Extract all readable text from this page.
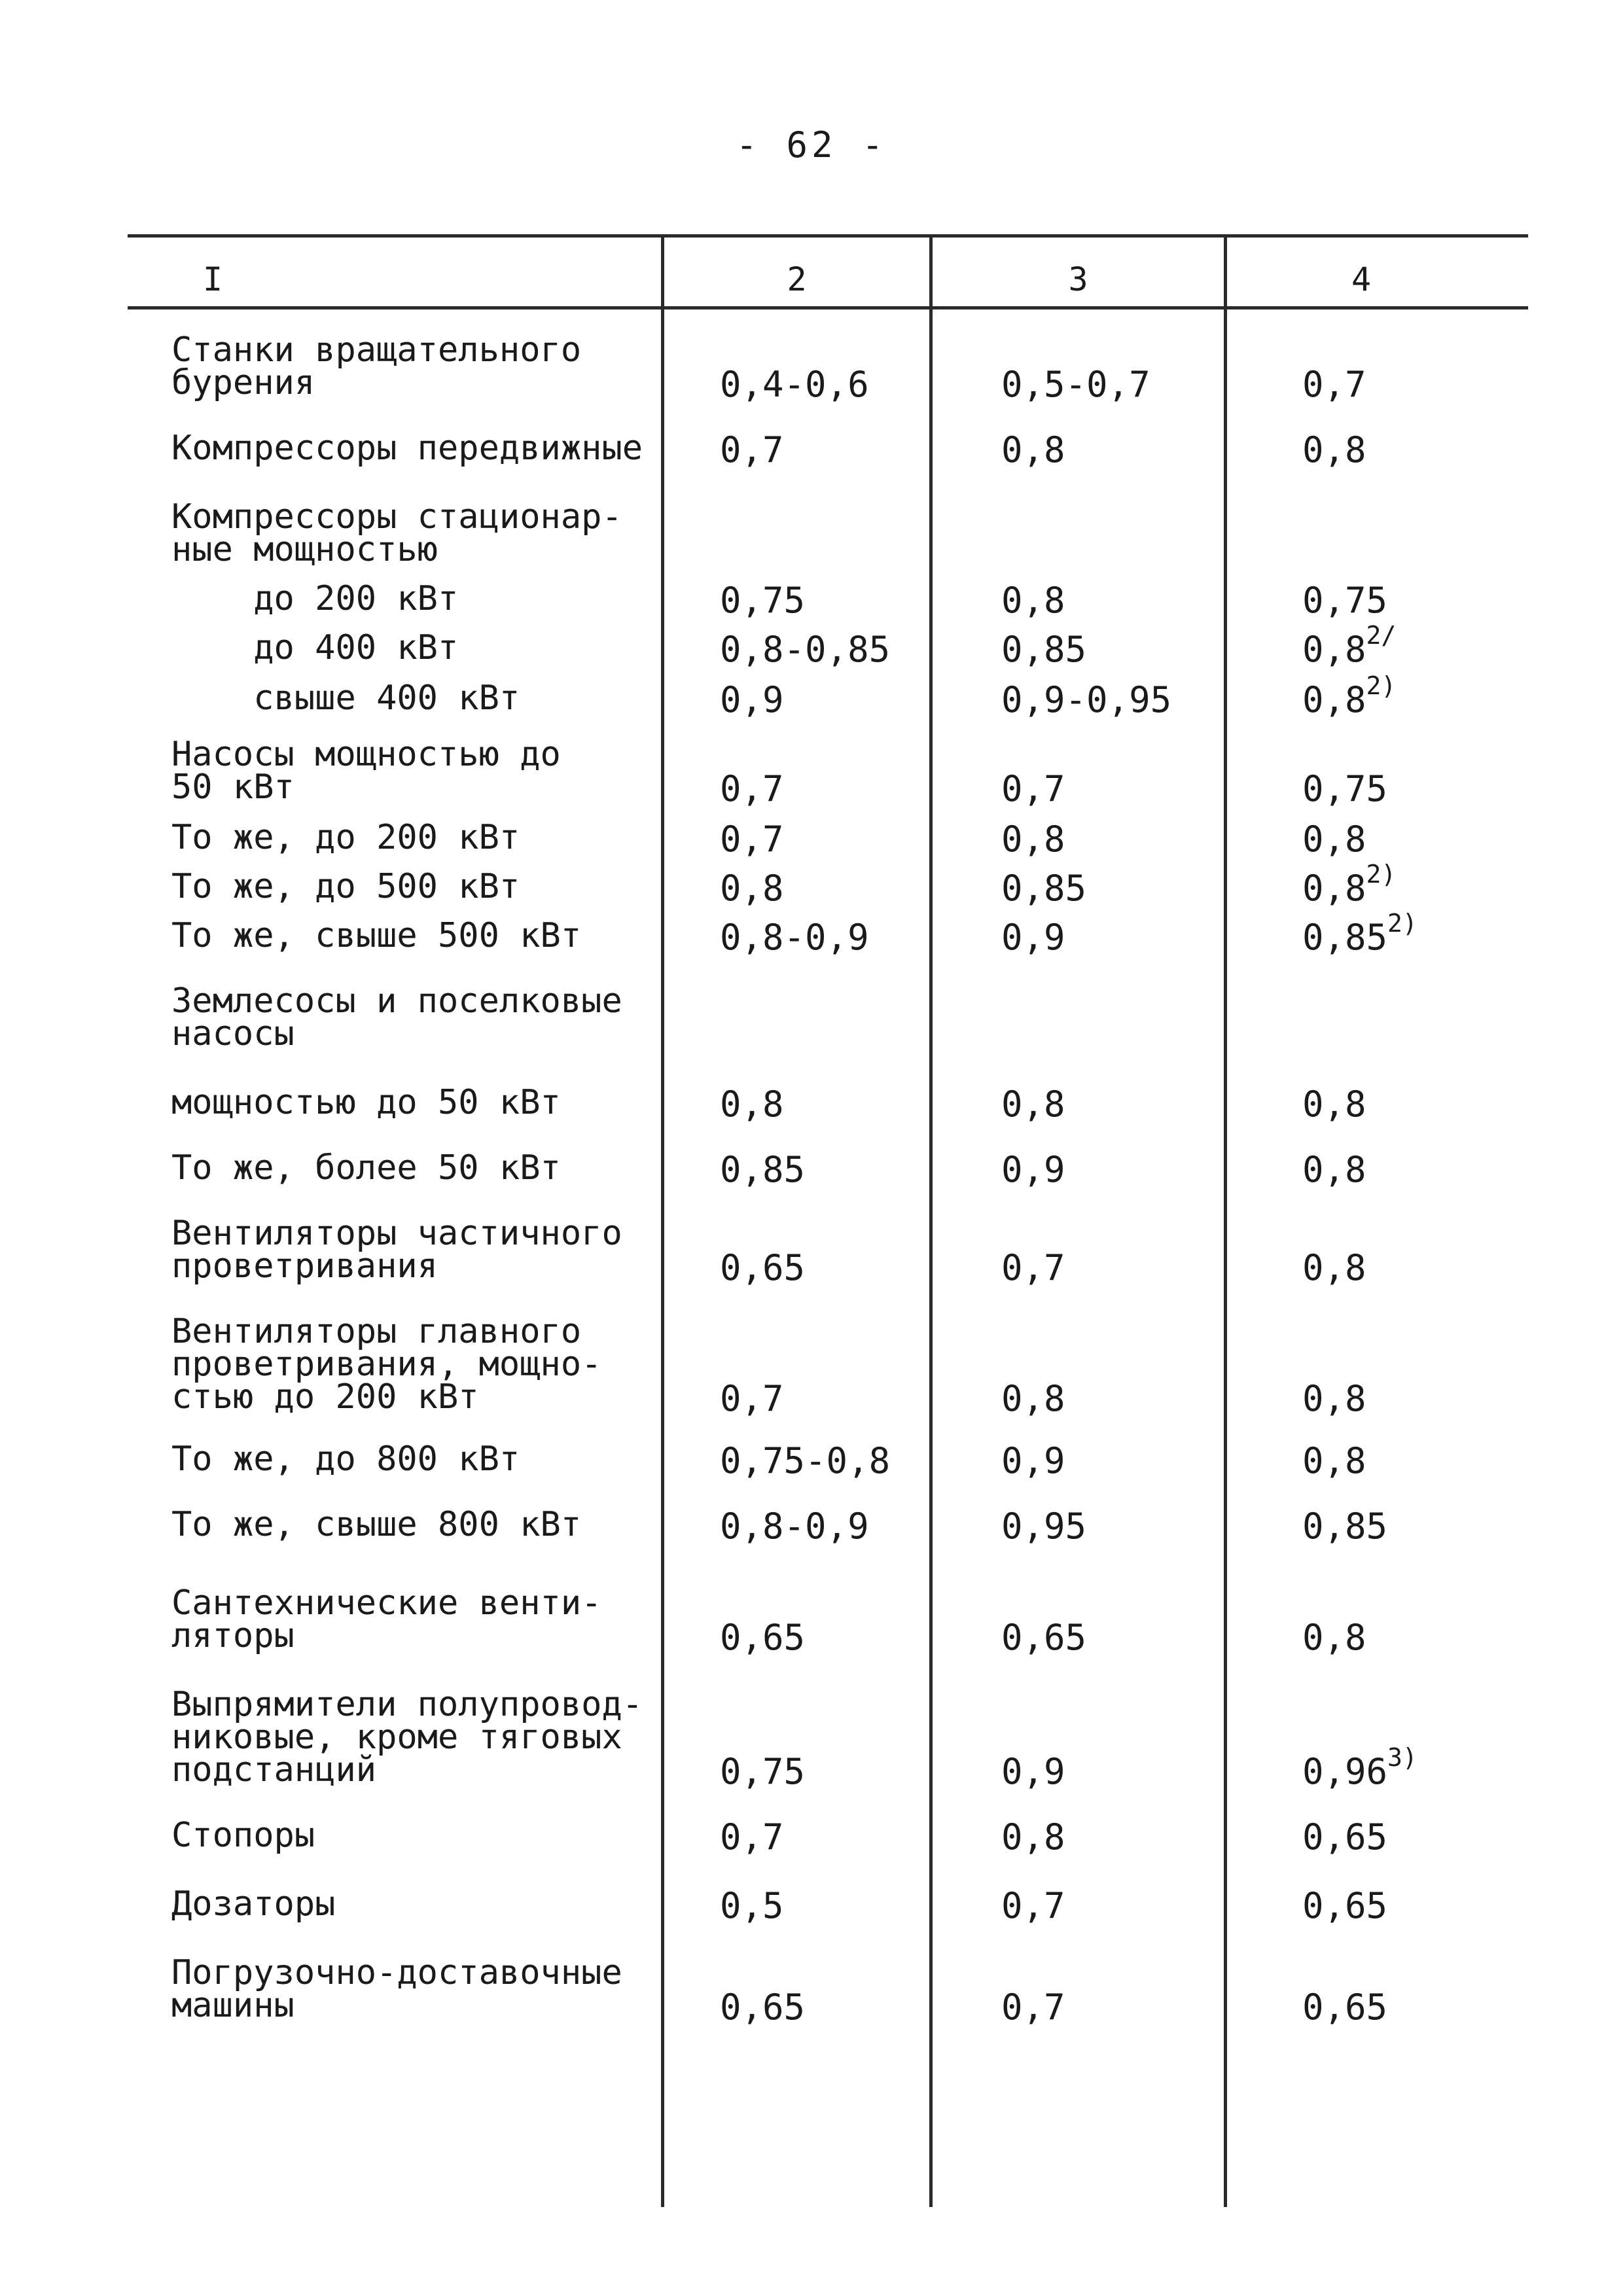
- 62 -
I	2	3	4
Станки вращательного
бурения	0,4-0,6	0,5-0,7	0,7
Компрессоры передвижные 0,7	0,8	0,8
Компрессоры стационар-
ные мощностью
до 200 кВт	0,75	0,8	0,75
до 400 кВт	0,8-0,85	0,85	$0,8^{2/}$
свыше 400 кВт	0,9	0,9-0,95	0,8$^{2)}$
Насосы мощностью до
50 кВт	0,7	0,7	0,75
То же, до 200 кВт	0,7	0,8	0,8
То же, до 500 кВт	0,8	0,85	0,8$^{2)}$
То же, свыше 500 кВт	0,8-0,9	0,9	0,85$^{2)}$
Землесосы и поселковые
насосы
мощностью до 50 кВт	0,8	0,8	0,8
То же, более 50 кВт	0,85	0,9	0,8
Вентиляторы частичного
проветривания	0,65	0,7	0,8
Вентиляторы главного
проветривания, мощно-
стью до 200 кВт	0,7	0,8	0,8
То же, до 800 кВт	0,75-0,8	0,9	0,8
То же, свыше 800 кВт	0,8-0,9	0,95	0,85
Сантехнические венти-
ляторы	0,65	0,65	0,8
Выпрямители полупровод-
никовые, кроме тяговых
подстанций	0,75	0,9	0,96$^{3)}$
Стопоры	0,7	0,8	0,65
Дозаторы	0,5	0,7	0,65
Погрузочно-доставочные
машины	0,65	0,7	0,65
